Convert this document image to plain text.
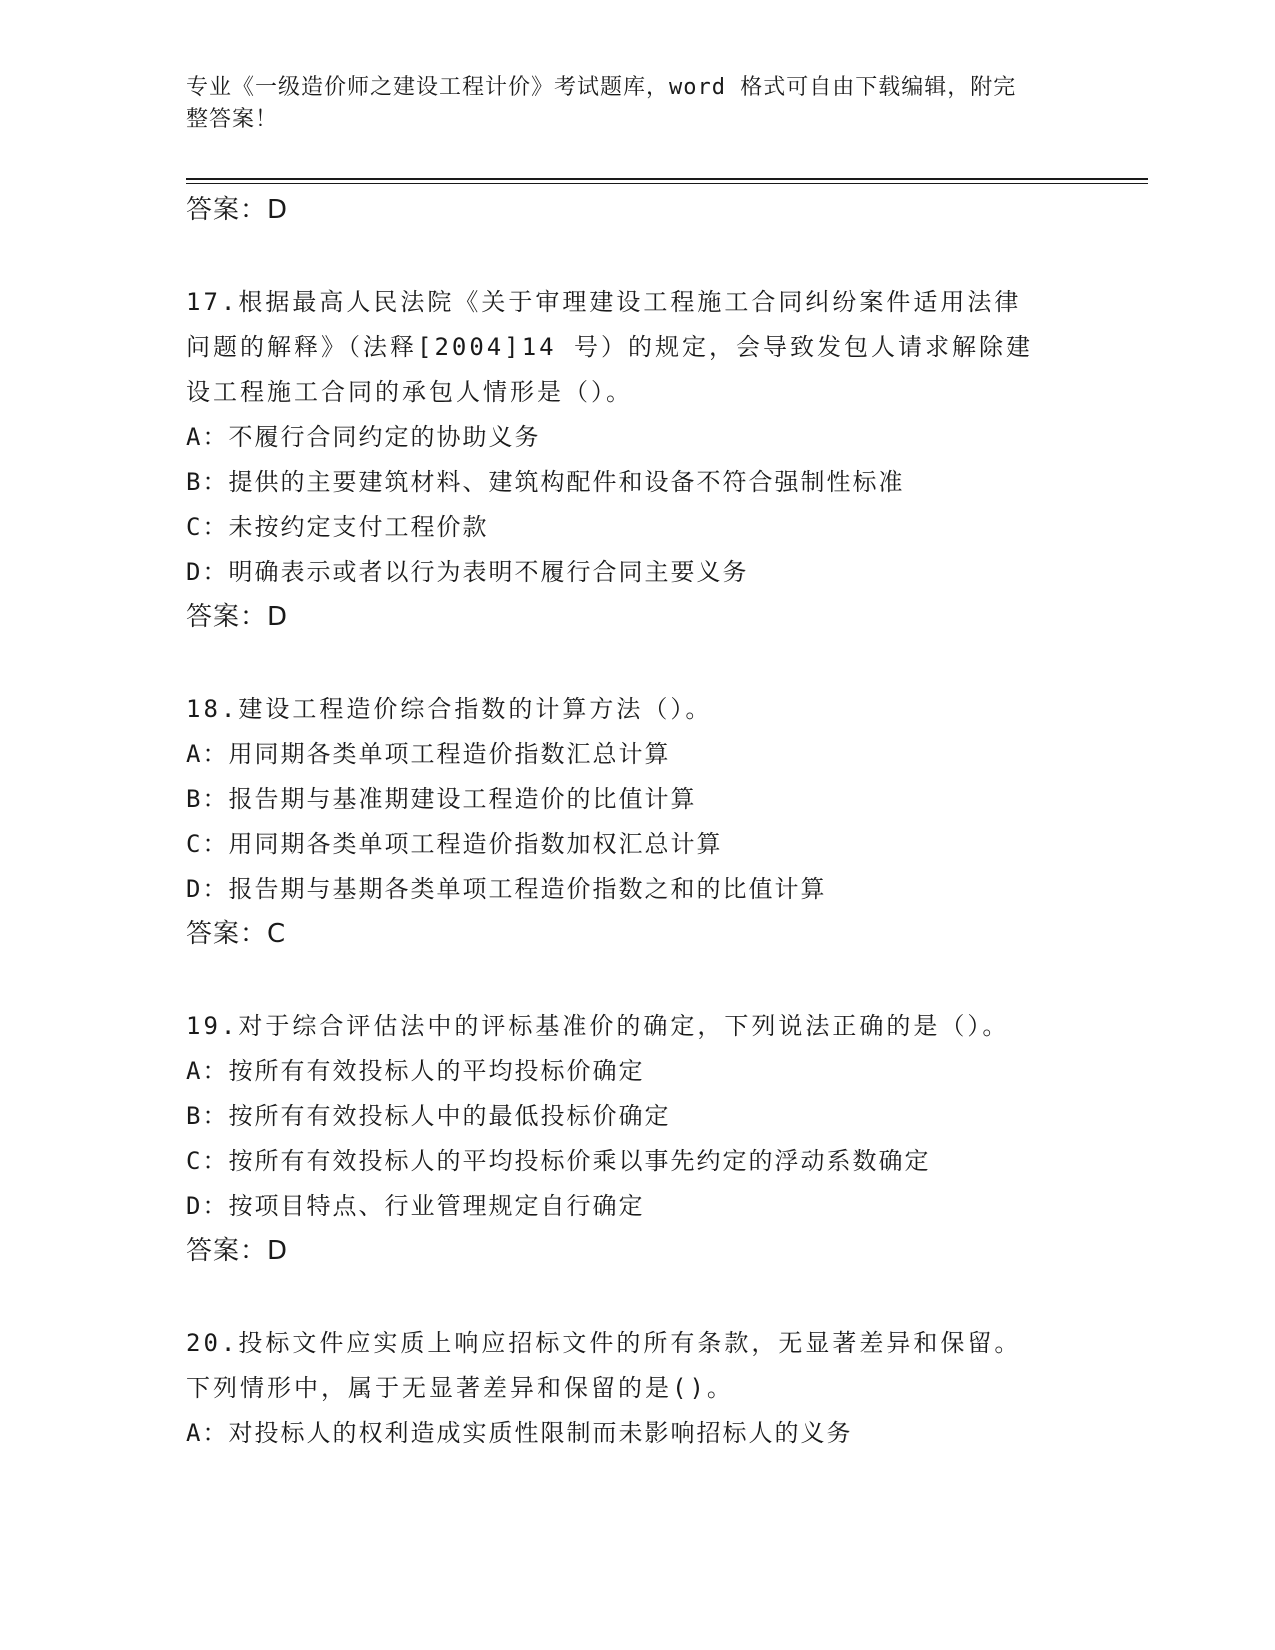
专业《一级造价师之建设工程计价》考试题库，word 格式可自由下载编辑，附完
整答案！
答案：D
17.根据最高人民法院《关于审理建设工程施工合同纠纷案件适用法律
问题的解释》（法释[2004]14 号）的规定，会导致发包人请求解除建
设工程施工合同的承包人情形是（）。
A：不履行合同约定的协助义务
B：提供的主要建筑材料、建筑构配件和设备不符合强制性标准
C：未按约定支付工程价款
D：明确表示或者以行为表明不履行合同主要义务
答案：D
18.建设工程造价综合指数的计算方法（）。
A：用同期各类单项工程造价指数汇总计算
B：报告期与基准期建设工程造价的比值计算
C：用同期各类单项工程造价指数加权汇总计算
D：报告期与基期各类单项工程造价指数之和的比值计算
答案：C
19.对于综合评估法中的评标基准价的确定，下列说法正确的是（）。
A：按所有有效投标人的平均投标价确定
B：按所有有效投标人中的最低投标价确定
C：按所有有效投标人的平均投标价乘以事先约定的浮动系数确定
D：按项目特点、行业管理规定自行确定
答案：D
20.投标文件应实质上响应招标文件的所有条款，无显著差异和保留。
下列情形中，属于无显著差异和保留的是()。
A：对投标人的权利造成实质性限制而未影响招标人的义务
